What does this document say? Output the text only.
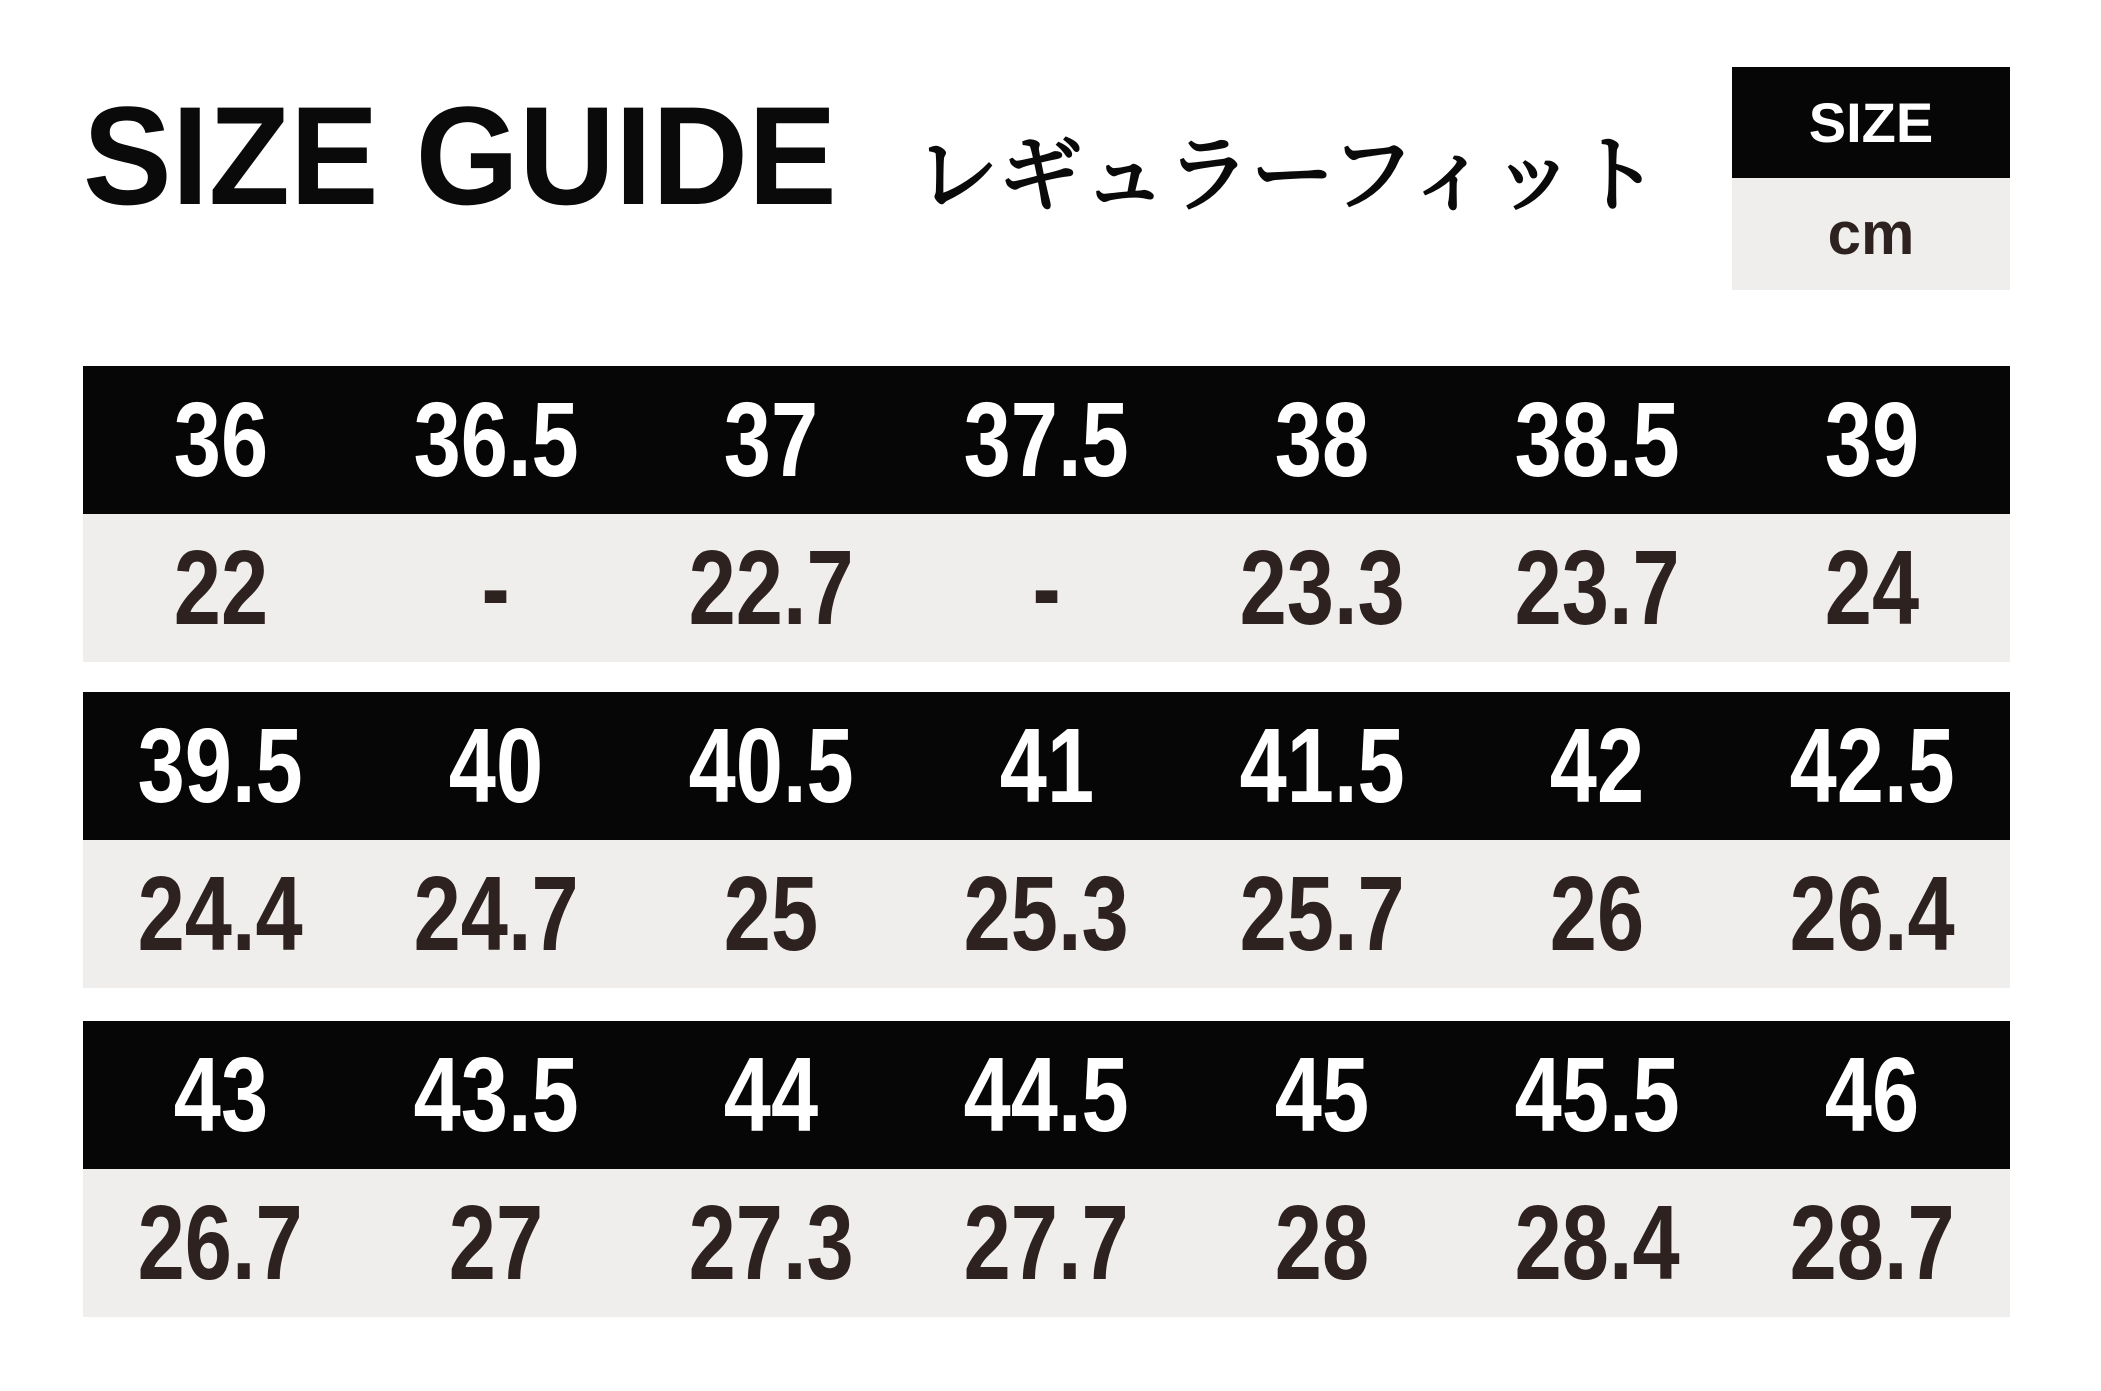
36 36.5 37 37.5 38 38.5 39
22 - 22.7 - 23.3 23.7 24
39.5 40 40.5 41 41.5 42 42.5
24.4 24.7 25 25.3 25.7 26 26.4
43 43.5 44 44.5 45 45.5 46
26.7 27 27.3 27.7 28 28.4 28.7
SIZE GUIDE レギュラーフィット
SIZE
cm
